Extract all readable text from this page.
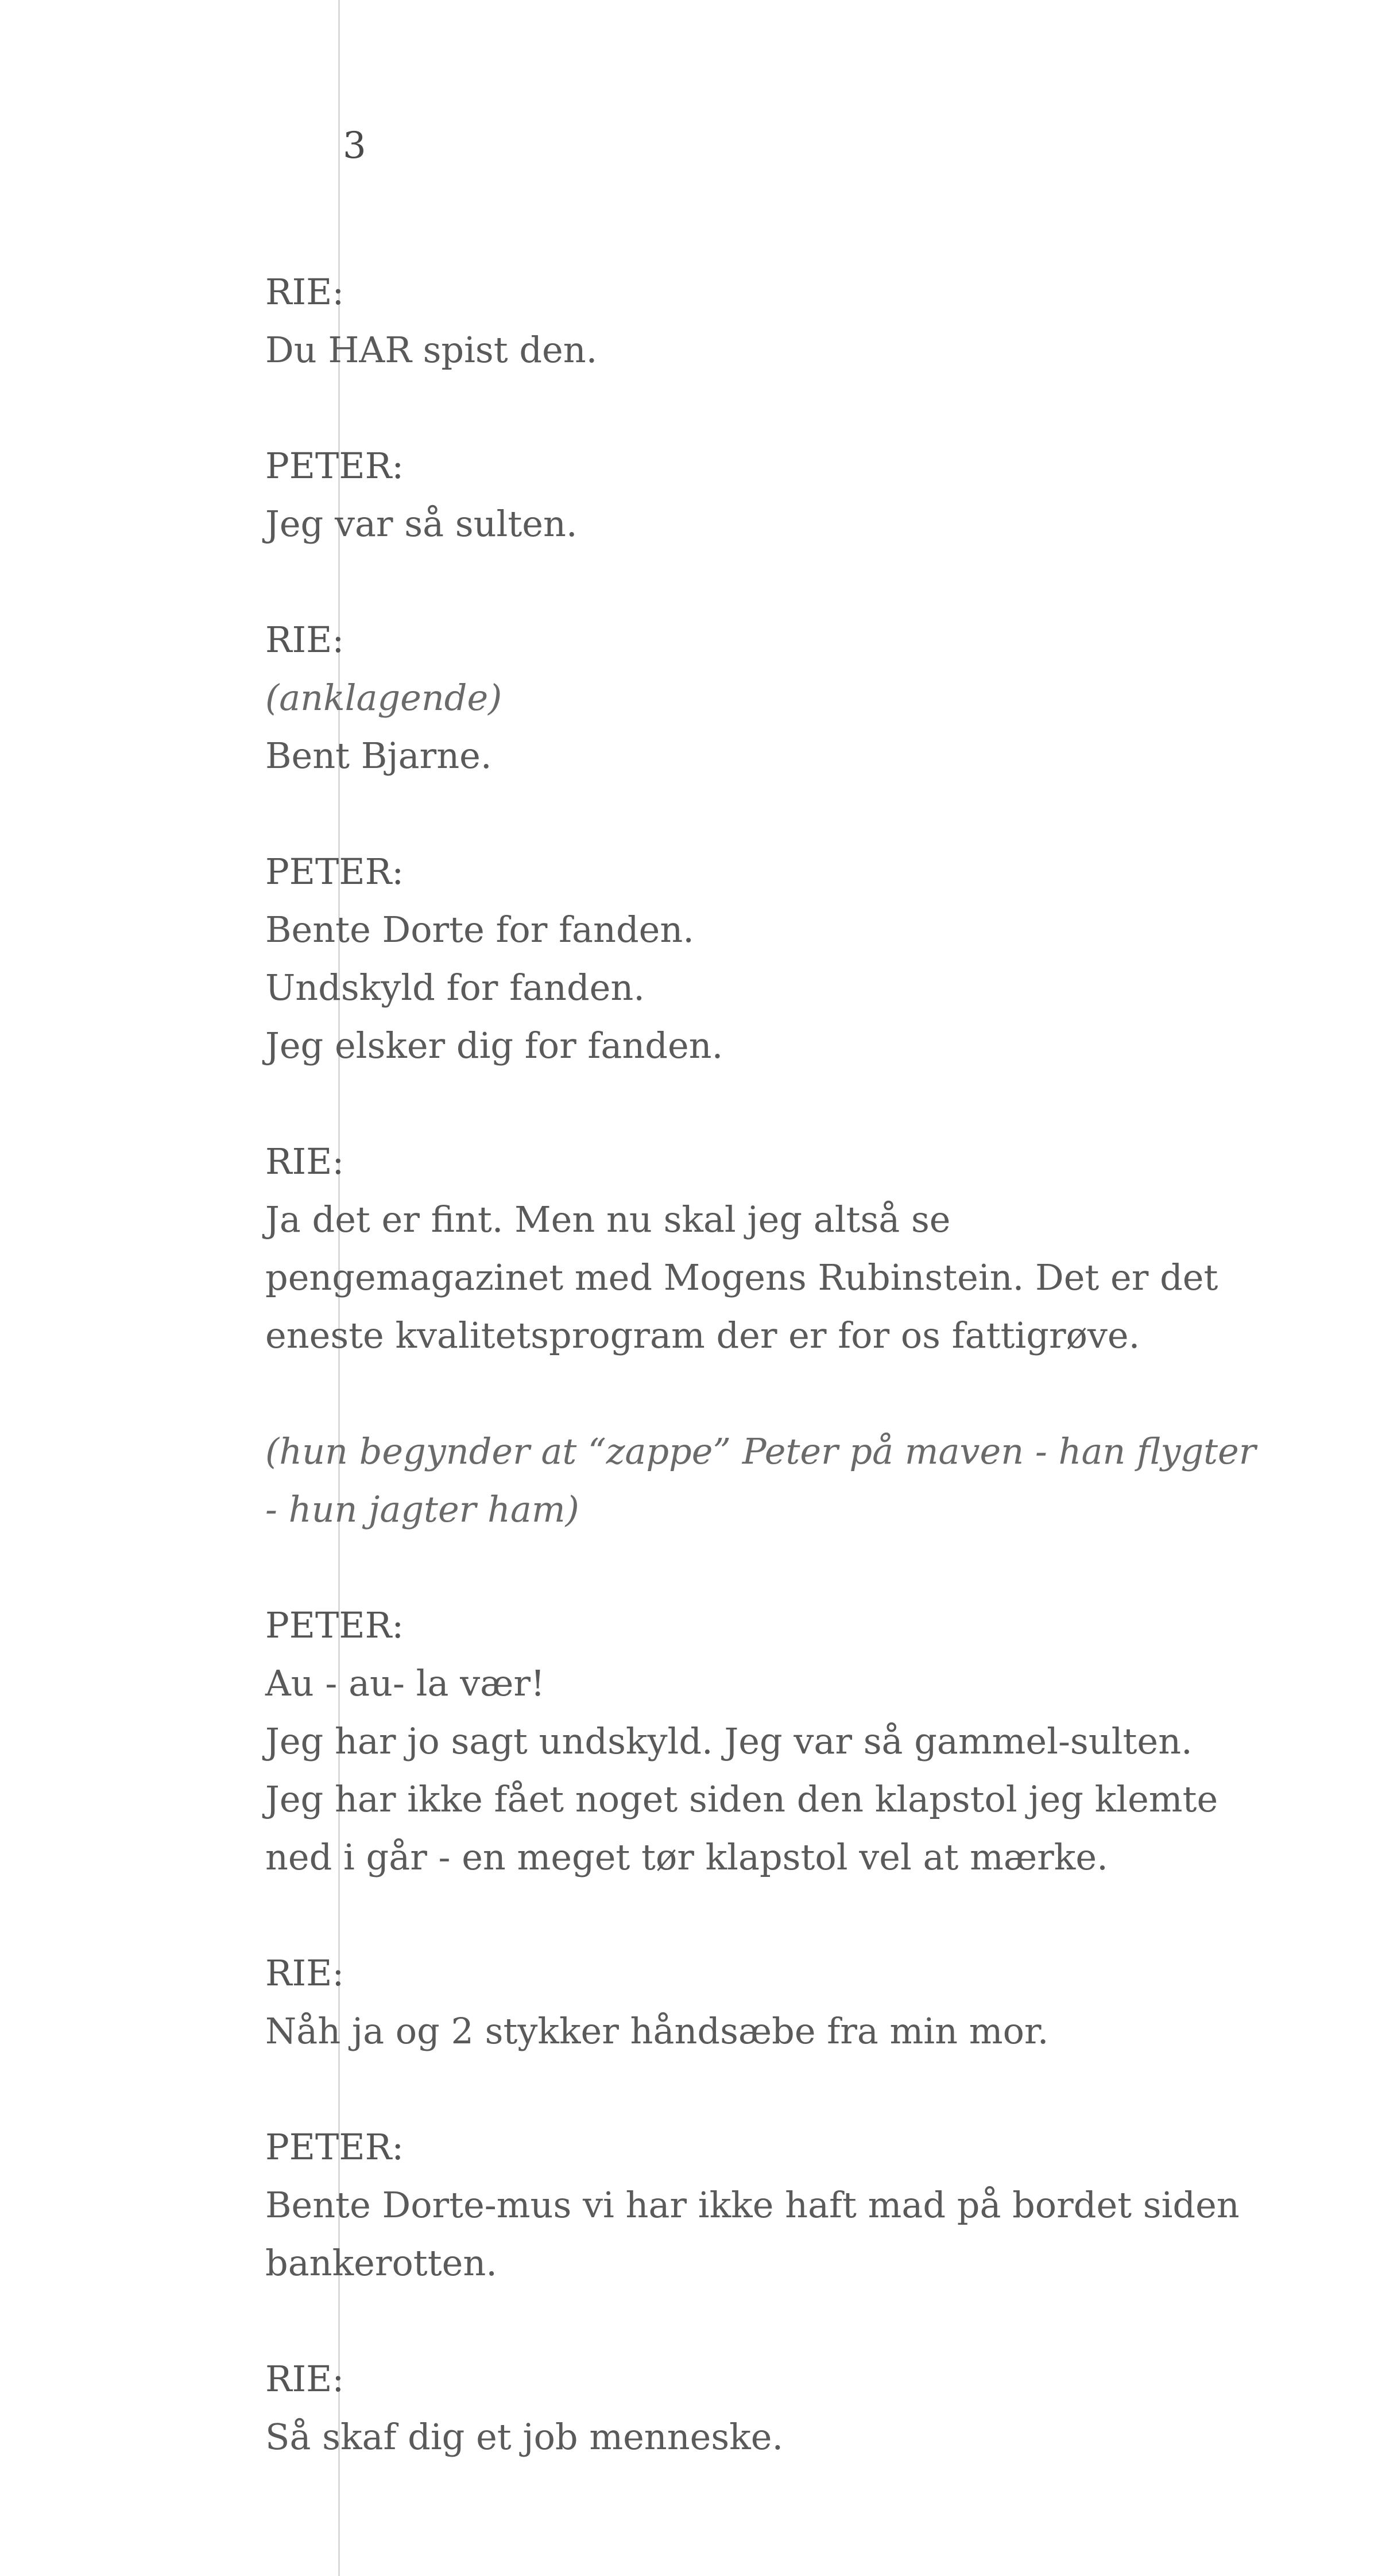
3
RIE:
Du HAR spist den.
PETER:
Jeg var så sulten.
RIE:
(anklagende)
Bent Bjarne.
PETER:
Bente Dorte for fanden.
Undskyld for fanden.
Jeg elsker dig for fanden.
RIE:
Ja det er fint. Men nu skal jeg altså se
pengemagazinet med Mogens Rubinstein. Det er det
eneste kvalitetsprogram der er for os fattigrøve.
(hun begynder at “zappe” Peter på maven - han flygter
- hun jagter ham)
PETER:
Au - au- la vær!
Jeg har jo sagt undskyld. Jeg var så gammel-sulten.
Jeg har ikke fået noget siden den klapstol jeg klemte
ned i går - en meget tør klapstol vel at mærke.
RIE:
Nåh ja og 2 stykker håndsæbe fra min mor.
PETER:
Bente Dorte-mus vi har ikke haft mad på bordet siden
bankerotten.
RIE:
Så skaf dig et job menneske.
